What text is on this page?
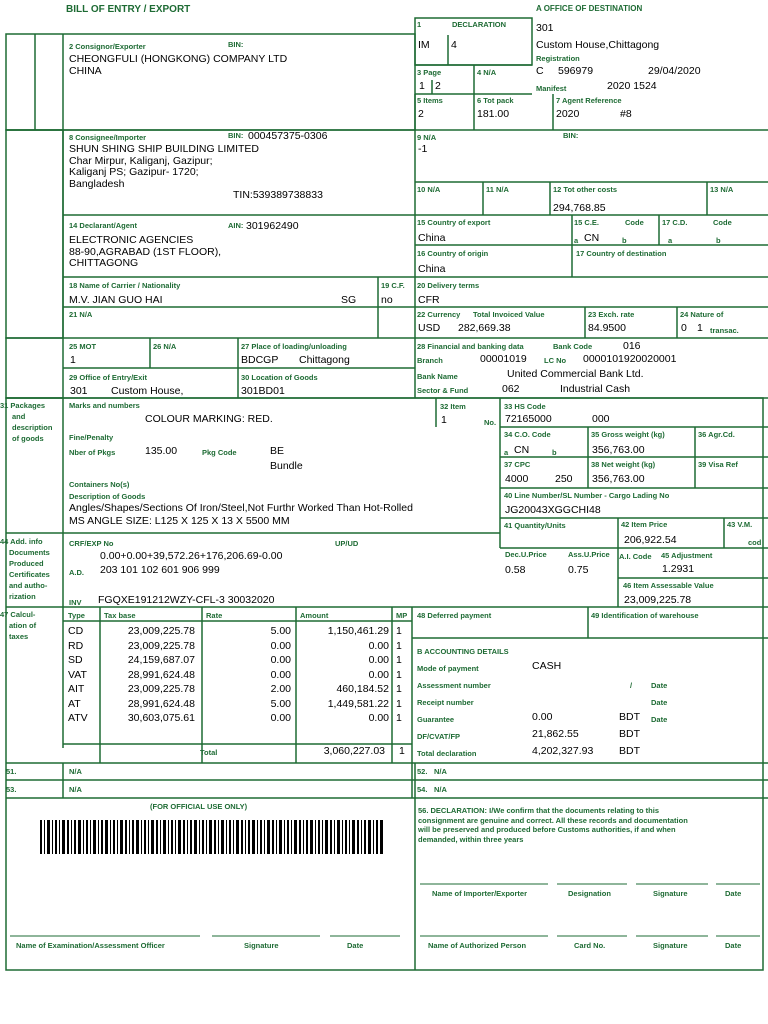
BILL OF ENTRY / EXPORT	A OFFICE OF DESTINATION
1	DECLARATION
IM 4
301
Custom House,Chittagong
Registration
C 596979	29/04/2020
Manifest	2020 1524
2 Consignor/Exporter	BIN:
CHEONGFULI (HONGKONG) COMPANY LTD
CHINA	3 Page
1 2
4 N/A
5 Items
2
6 Tot pack
181.00
7 Agent Reference
2020	#8
8 Consignee/Importer	BIN: 000457375-0306
SHUN SHING SHIP BUILDING LIMITED
Char Mirpur, Kaliganj, Gazipur;
Kaliganj PS; Gazipur- 1720;
Bangladesh
TIN:539389738833
9 N/A	BIN:
-1
10 N/A	11 N/A	12 Tot other costs
294,768.85
13 N/A
14 Declarant/Agent	AIN: 301962490
ELECTRONIC AGENCIES
88-90,AGRABAD (1ST FLOOR),
CHITTAGONG
15 Country of export
China
15 C.E.	Code
a CN	b
17 C.D.	Code
a	b
16 Country of origin
China
17 Country of destination
18 Name of Carrier / Nationality
M.V. JIAN GUO HAI	SG
19 C.F.
no
20 Delivery terms
CFR
21 N/A	22 Currency Total Invoiced Value
USD 282,669.38
23 Exch. rate
84.9500
24 Nature of
0 1 transac.
25 MOT
1
26 N/A	27 Place of loading/unloading
BDCGP Chittagong
29 Office of Entry/Exit
301 Custom House,
30 Location of Goods
301BD01
28 Financial and banking data	Bank Code	016
Branch	00001019 LC No 0000101920020001
Bank Name	United Commercial Bank Ltd.
Sector & Fund	062	Industrial Cash
31 Packages
and
description
of goods
Marks and numbers
COLOUR MARKING: RED.
Fine/Penalty
Nber of Pkgs	135.00	Pkg Code	BE
Bundle
Containers No(s)
Description of Goods
Angles/Shapes/Sections Of Iron/Steel,Not Furthr Worked Than Hot-Rolled
MS ANGLE SIZE: L125 X 125 X 13 X 5500 MM
32 Item
1	No.
33 HS Code
72165000	000
34 C.O. Code
a CN	b
35 Gross weight (kg)
356,763.00
36 Agr.Cd.
37 CPC
4000	250
38 Net weight (kg)
356,763.00
39 Visa Ref
40 Line Number/SL Number - Cargo Lading No
JG20043XGGCHI48
41 Quantity/Units	42 Item Price
206,922.54
43 V.M.
cod
44 Add. info
Documents
Produced
Certificates
and autho-
rization
CRF/EXP No	UP/UD
0.00+0.00+39,572.26+176,206.69-0.00
A.D. 203 101 102 601 906 999
INV FGQXE191212WZY-CFL-3 30032020
Dec.U.Price
0.58
Ass.U.Price
0.75
A.I. Code 45 Adjustment
1.2931
46 Item Assessable Value
23,009,225.78
47 Calcul-
ation of
taxes
Type	Tax base	Rate	Amount	MP
CD	23,009,225.78	5.00	1,150,461.29 1
RD	23,009,225.78	0.00	0.00 1
SD	24,159,687.07	0.00	0.00 1
VAT	28,991,624.48	0.00	0.00 1
AIT	23,009,225.78	2.00	460,184.52 1
AT	28,991,624.48	5.00	1,449,581.22 1
ATV	30,603,075.61	0.00	0.00 1
Total	3,060,227.03 1
48 Deferred payment	49 Identification of warehouse
B ACCOUNTING DETAILS
Mode of payment	CASH
Assessment number	/	Date
Receipt number	Date
Guarantee	0.00	BDT Date
DF/CVAT/FP	21,862.55	BDT
Total declaration	4,202,327.93 BDT
51.	N/A	52. N/A
53.	N/A	54. N/A
(FOR OFFICIAL USE ONLY)	56. DECLARATION: I/We confirm that the documents relating to this consignment are genuine and correct. All these records and documentation will be preserved and produced before Customs authorities, if and when demanded, within three years
Name of Importer/Exporter	Designation	Signature	Date
Name of Examination/Assessment Officer	Signature	Date	Name of Authorized Person	Card No.	Signature	Date
